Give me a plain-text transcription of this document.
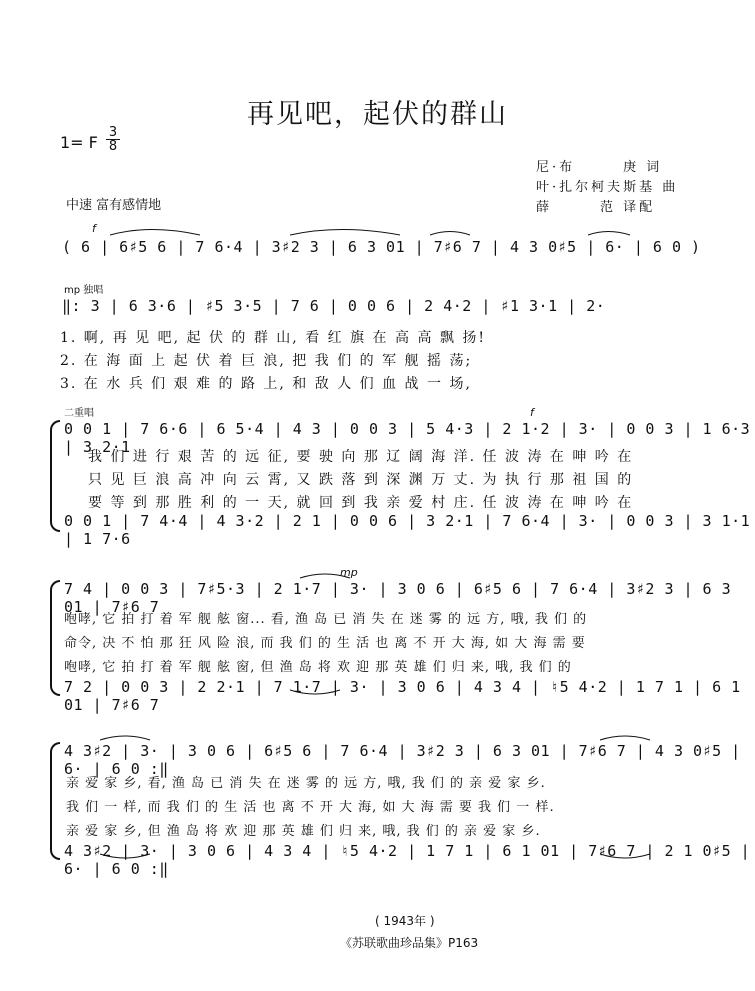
再见吧，起伏的群山
1= F $\frac{3}{8}$
尼·布　　　庚 词
叶·扎尔柯夫斯基 曲
薛　　　范 译配
中速 富有感情地
f
( 6 | 6♯5 6 | 7 6·4 | 3♯2 3 | 6 3 01 | 7♯6 7 | 4 3 0♯5 | 6· | 6 0 )
mp 独唱
‖: 3 | 6 3·6 | ♯5 3·5 | 7 6 | 0 0 6 | 2 4·2 | ♯1 3·1 | 2·
1. 啊, 再 见 吧, 起 伏 的 群 山, 看 红 旗 在 高 高 飘 扬!
2. 在 海 面 上 起 伏 着 巨 浪, 把 我 们 的 军 舰 摇 荡;
3. 在 水 兵 们 艰 难 的 路 上, 和 敌 人 们 血 战 一 场,
二重唱	f
0 0 1 | 7 6·6 | 6 5·4 | 4 3 | 0 0 3 | 5 4·3 | 2 1·2 | 3· | 0 0 3 | 1 6·3 | 3 2·1
我 们 进 行 艰 苦 的 远 征, 要 驶 向 那 辽 阔 海 洋. 任 波 涛 在 呻 吟 在
只 见 巨 浪 高 冲 向 云 霄, 又 跌 落 到 深 渊 万 丈. 为 执 行 那 祖 国 的
要 等 到 那 胜 利 的 一 天, 就 回 到 我 亲 爱 村 庄. 任 波 涛 在 呻 吟 在
0 0 1 | 7 4·4 | 4 3·2 | 2 1 | 0 0 6 | 3 2·1 | 7 6·4 | 3· | 0 0 3 | 3 1·1 | 1 7·6
mp
7 4 | 0 0 3 | 7♯5·3 | 2 1·7 | 3· | 3 0 6 | 6♯5 6 | 7 6·4 | 3♯2 3 | 6 3 01 | 7♯6 7
咆哮, 它 拍 打 着 军 舰 舷 窗... 看, 渔 岛 已 消 失 在 迷 雾 的 远 方, 哦, 我 们 的
命令, 决 不 怕 那 狂 风 险 浪, 而 我 们 的 生 活 也 离 不 开 大 海, 如 大 海 需 要
咆哮, 它 拍 打 着 军 舰 舷 窗, 但 渔 岛 将 欢 迎 那 英 雄 们 归 来, 哦, 我 们 的
7 2 | 0 0 3 | 2 2·1 | 7 1·7 | 3· | 3 0 6 | 4 3 4 | ♮5 4·2 | 1 7 1 | 6 1 01 | 7♯6 7
4 3♯2 | 3· | 3 0 6 | 6♯5 6 | 7 6·4 | 3♯2 3 | 6 3 01 | 7♯6 7 | 4 3 0♯5 | 6· | 6 0 :‖
亲 爱 家 乡, 看, 渔 岛 已 消 失 在 迷 雾 的 远 方, 哦, 我 们 的 亲 爱 家 乡.
我 们 一 样, 而 我 们 的 生 活 也 离 不 开 大 海, 如 大 海 需 要 我 们 一 样.
亲 爱 家 乡, 但 渔 岛 将 欢 迎 那 英 雄 们 归 来, 哦, 我 们 的 亲 爱 家 乡.
4 3♯2 | 3· | 3 0 6 | 4 3 4 | ♮5 4·2 | 1 7 1 | 6 1 01 | 7♯6 7 | 2 1 0♯5 | 6· | 6 0 :‖
( 1943年 )
《苏联歌曲珍品集》P163
